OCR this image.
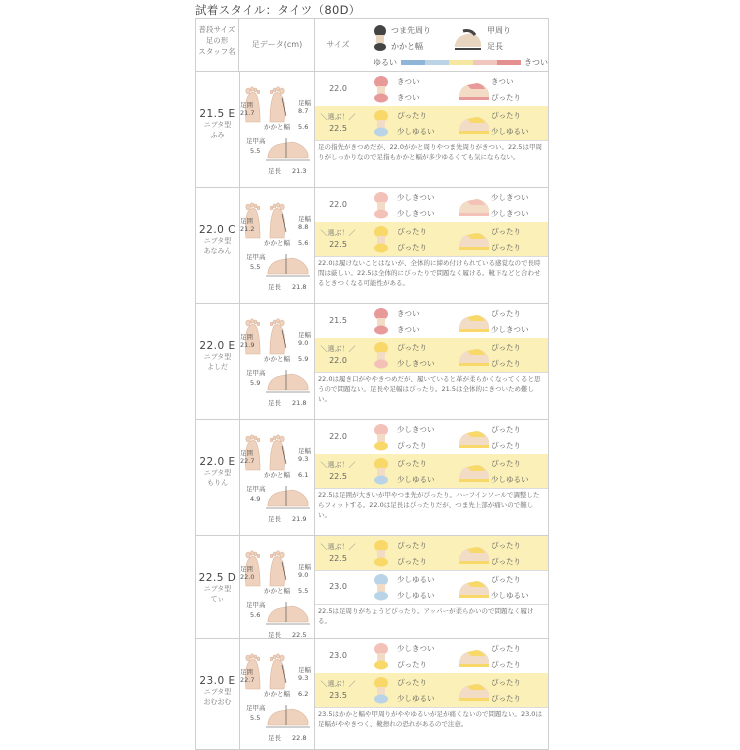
試着スタイル：タイツ（80D）
普段サイズ
足の形
スタッフ名
足データ(cm)	サイズ
つま先周り
かかと幅
甲周り
足長
ゆるい	きつい
21.5 E
ニブタ型
ふみ
足囲
21.7
足幅
8.7
かかと幅 5.6
足甲高
5.5
足長 21.3
22.0
きつい
きつい
きつい
ぴったり
＼選ぶ！／
22.5
ぴったり
少しゆるい
ぴったり
少しゆるい
足の指先がきつめだが、22.0がかと周りやつま先周りがきつい。22.5は甲周りがしっかりなので足指もかかと幅が多少ゆるくても気にならない。
22.0 C
ニブタ型
あなみん
足囲
21.2
足幅
8.8
かかと幅 5.6
足甲高
5.5
足長 21.8
22.0
少しきつい
少しきつい
少しきつい
少しきつい
＼選ぶ！／
22.5
ぴったり
ぴったり
ぴったり
ぴったり
22.0は履けないことはないが、全体的に締め付けられている感覚なので長時間は厳しい。22.5は全体的にぴったりで問題なく履ける。靴下などと合わせるときつくなる可能性がある。
22.0 E
ニブタ型
よしだ
足囲
21.9
足幅
9.0
かかと幅 5.9
足甲高
5.9
足長 21.8
21.5
きつい
きつい
ぴったり
少しきつい
＼選ぶ！／
22.0
ぴったり
少しきつい
ぴったり
ぴったり
22.0は履き口がややきつめだが、履いていると革が柔らかくなってくると思うので問題ない。足長や足幅はぴったり。21.5は全体的にきついため難しい。
22.0 E
ニブタ型
もりん
足囲
22.7
足幅
9.3
かかと幅 6.1
足甲高
4.9
足長 21.9
22.0
少しきつい
ぴったり
ぴったり
ぴったり
＼選ぶ！／
22.5
ぴったり
少しゆるい
ぴったり
少しゆるい
22.5は足囲が大きいが甲やつま先がぴったり。ハーフインソールで調整したらフィットする。22.0は足長はぴったりだが、つま先上部が痛いので難しい。
22.5 D
ニブタ型
てぃ
足囲
22.0
足幅
9.0
かかと幅 5.5
足甲高
5.6
足長 22.5
＼選ぶ！／
22.5
ぴったり
ぴったり
ぴったり
ぴったり
23.0
少しゆるい
少しゆるい
ぴったり
少しゆるい
22.5は足周りがちょうどぴったり。アッパーが柔らかいので問題なく履ける。
23.0 E
ニブタ型
おむおむ
足囲
22.7
足幅
9.3
かかと幅 6.2
足甲高
5.5
足長 22.8
23.0
少しきつい
ぴったり
ぴったり
ぴったり
＼選ぶ！／
23.5
ぴったり
少しゆるい
ぴったり
ぴったり
23.5はかかと幅や甲周りがややゆるいが足が痛くないので問題ない。23.0は足幅がややきつく、靴擦れの恐れがあるので注意。
